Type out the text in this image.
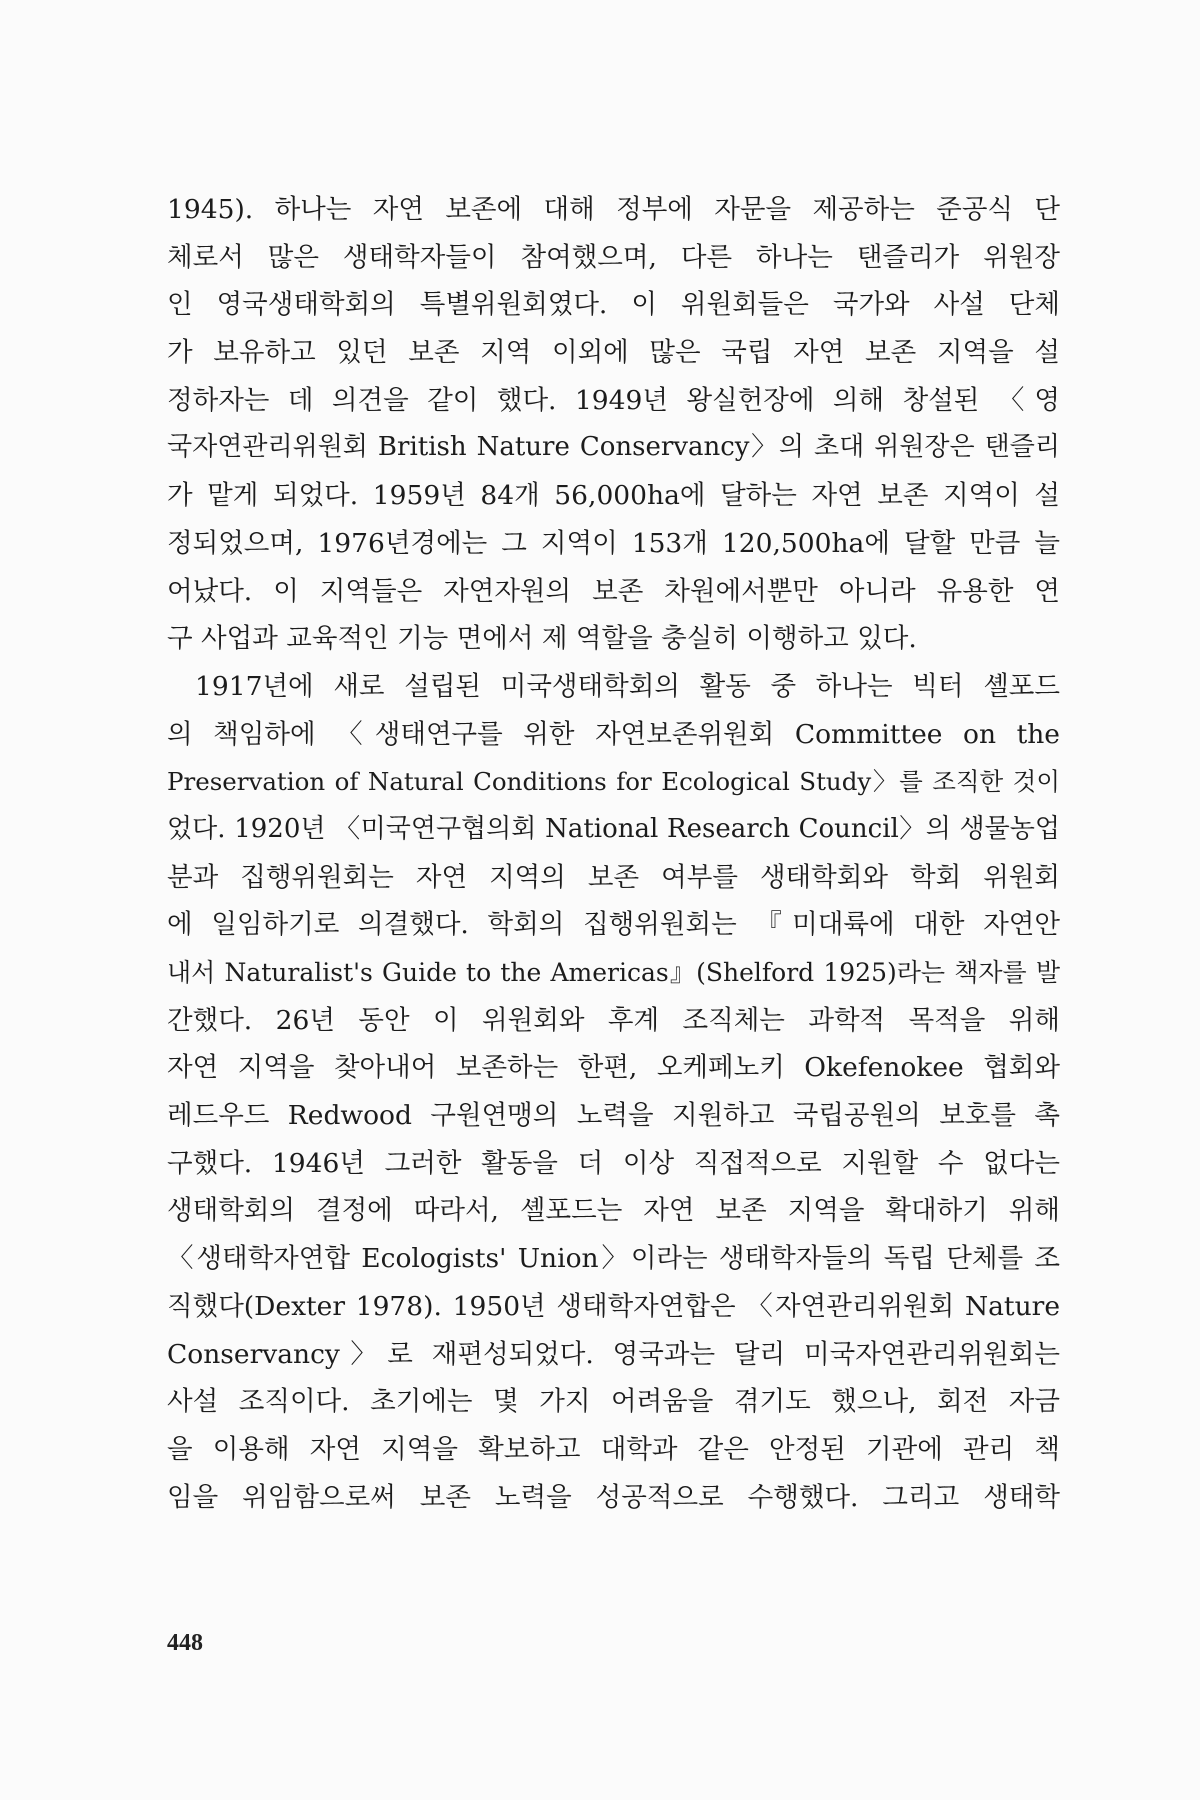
1945). 하나는 자연 보존에 대해 정부에 자문을 제공하는 준공식 단
체로서 많은 생태학자들이 참여했으며, 다른 하나는 탠즐리가 위원장
인 영국생태학회의 특별위원회였다. 이 위원회들은 국가와 사설 단체
가 보유하고 있던 보존 지역 이외에 많은 국립 자연 보존 지역을 설
정하자는 데 의견을 같이 했다. 1949년 왕실헌장에 의해 창설된 〈영
국자연관리위원회 British Nature Conservancy〉의 초대 위원장은 탠즐리
가 맡게 되었다. 1959년 84개 56,000ha에 달하는 자연 보존 지역이 설
정되었으며, 1976년경에는 그 지역이 153개 120,500ha에 달할 만큼 늘
어났다. 이 지역들은 자연자원의 보존 차원에서뿐만 아니라 유용한 연
구 사업과 교육적인 기능 면에서 제 역할을 충실히 이행하고 있다.
1917년에 새로 설립된 미국생태학회의 활동 중 하나는 빅터 셸포드
의 책임하에 〈생태연구를 위한 자연보존위원회 Committee on the
Preservation of Natural Conditions for Ecological Study〉를 조직한 것이
었다. 1920년 〈미국연구협의회 National Research Council〉의 생물농업
분과 집행위원회는 자연 지역의 보존 여부를 생태학회와 학회 위원회
에 일임하기로 의결했다. 학회의 집행위원회는 『미대륙에 대한 자연안
내서 Naturalist's Guide to the Americas』(Shelford 1925)라는 책자를 발
간했다. 26년 동안 이 위원회와 후계 조직체는 과학적 목적을 위해
자연 지역을 찾아내어 보존하는 한편, 오케페노키 Okefenokee 협회와
레드우드 Redwood 구원연맹의 노력을 지원하고 국립공원의 보호를 촉
구했다. 1946년 그러한 활동을 더 이상 직접적으로 지원할 수 없다는
생태학회의 결정에 따라서, 셸포드는 자연 보존 지역을 확대하기 위해
〈생태학자연합 Ecologists' Union〉이라는 생태학자들의 독립 단체를 조
직했다(Dexter 1978). 1950년 생태학자연합은 〈자연관리위원회 Nature
Conservancy〉로 재편성되었다. 영국과는 달리 미국자연관리위원회는
사설 조직이다. 초기에는 몇 가지 어려움을 겪기도 했으나, 회전 자금
을 이용해 자연 지역을 확보하고 대학과 같은 안정된 기관에 관리 책
임을 위임함으로써 보존 노력을 성공적으로 수행했다. 그리고 생태학
448
